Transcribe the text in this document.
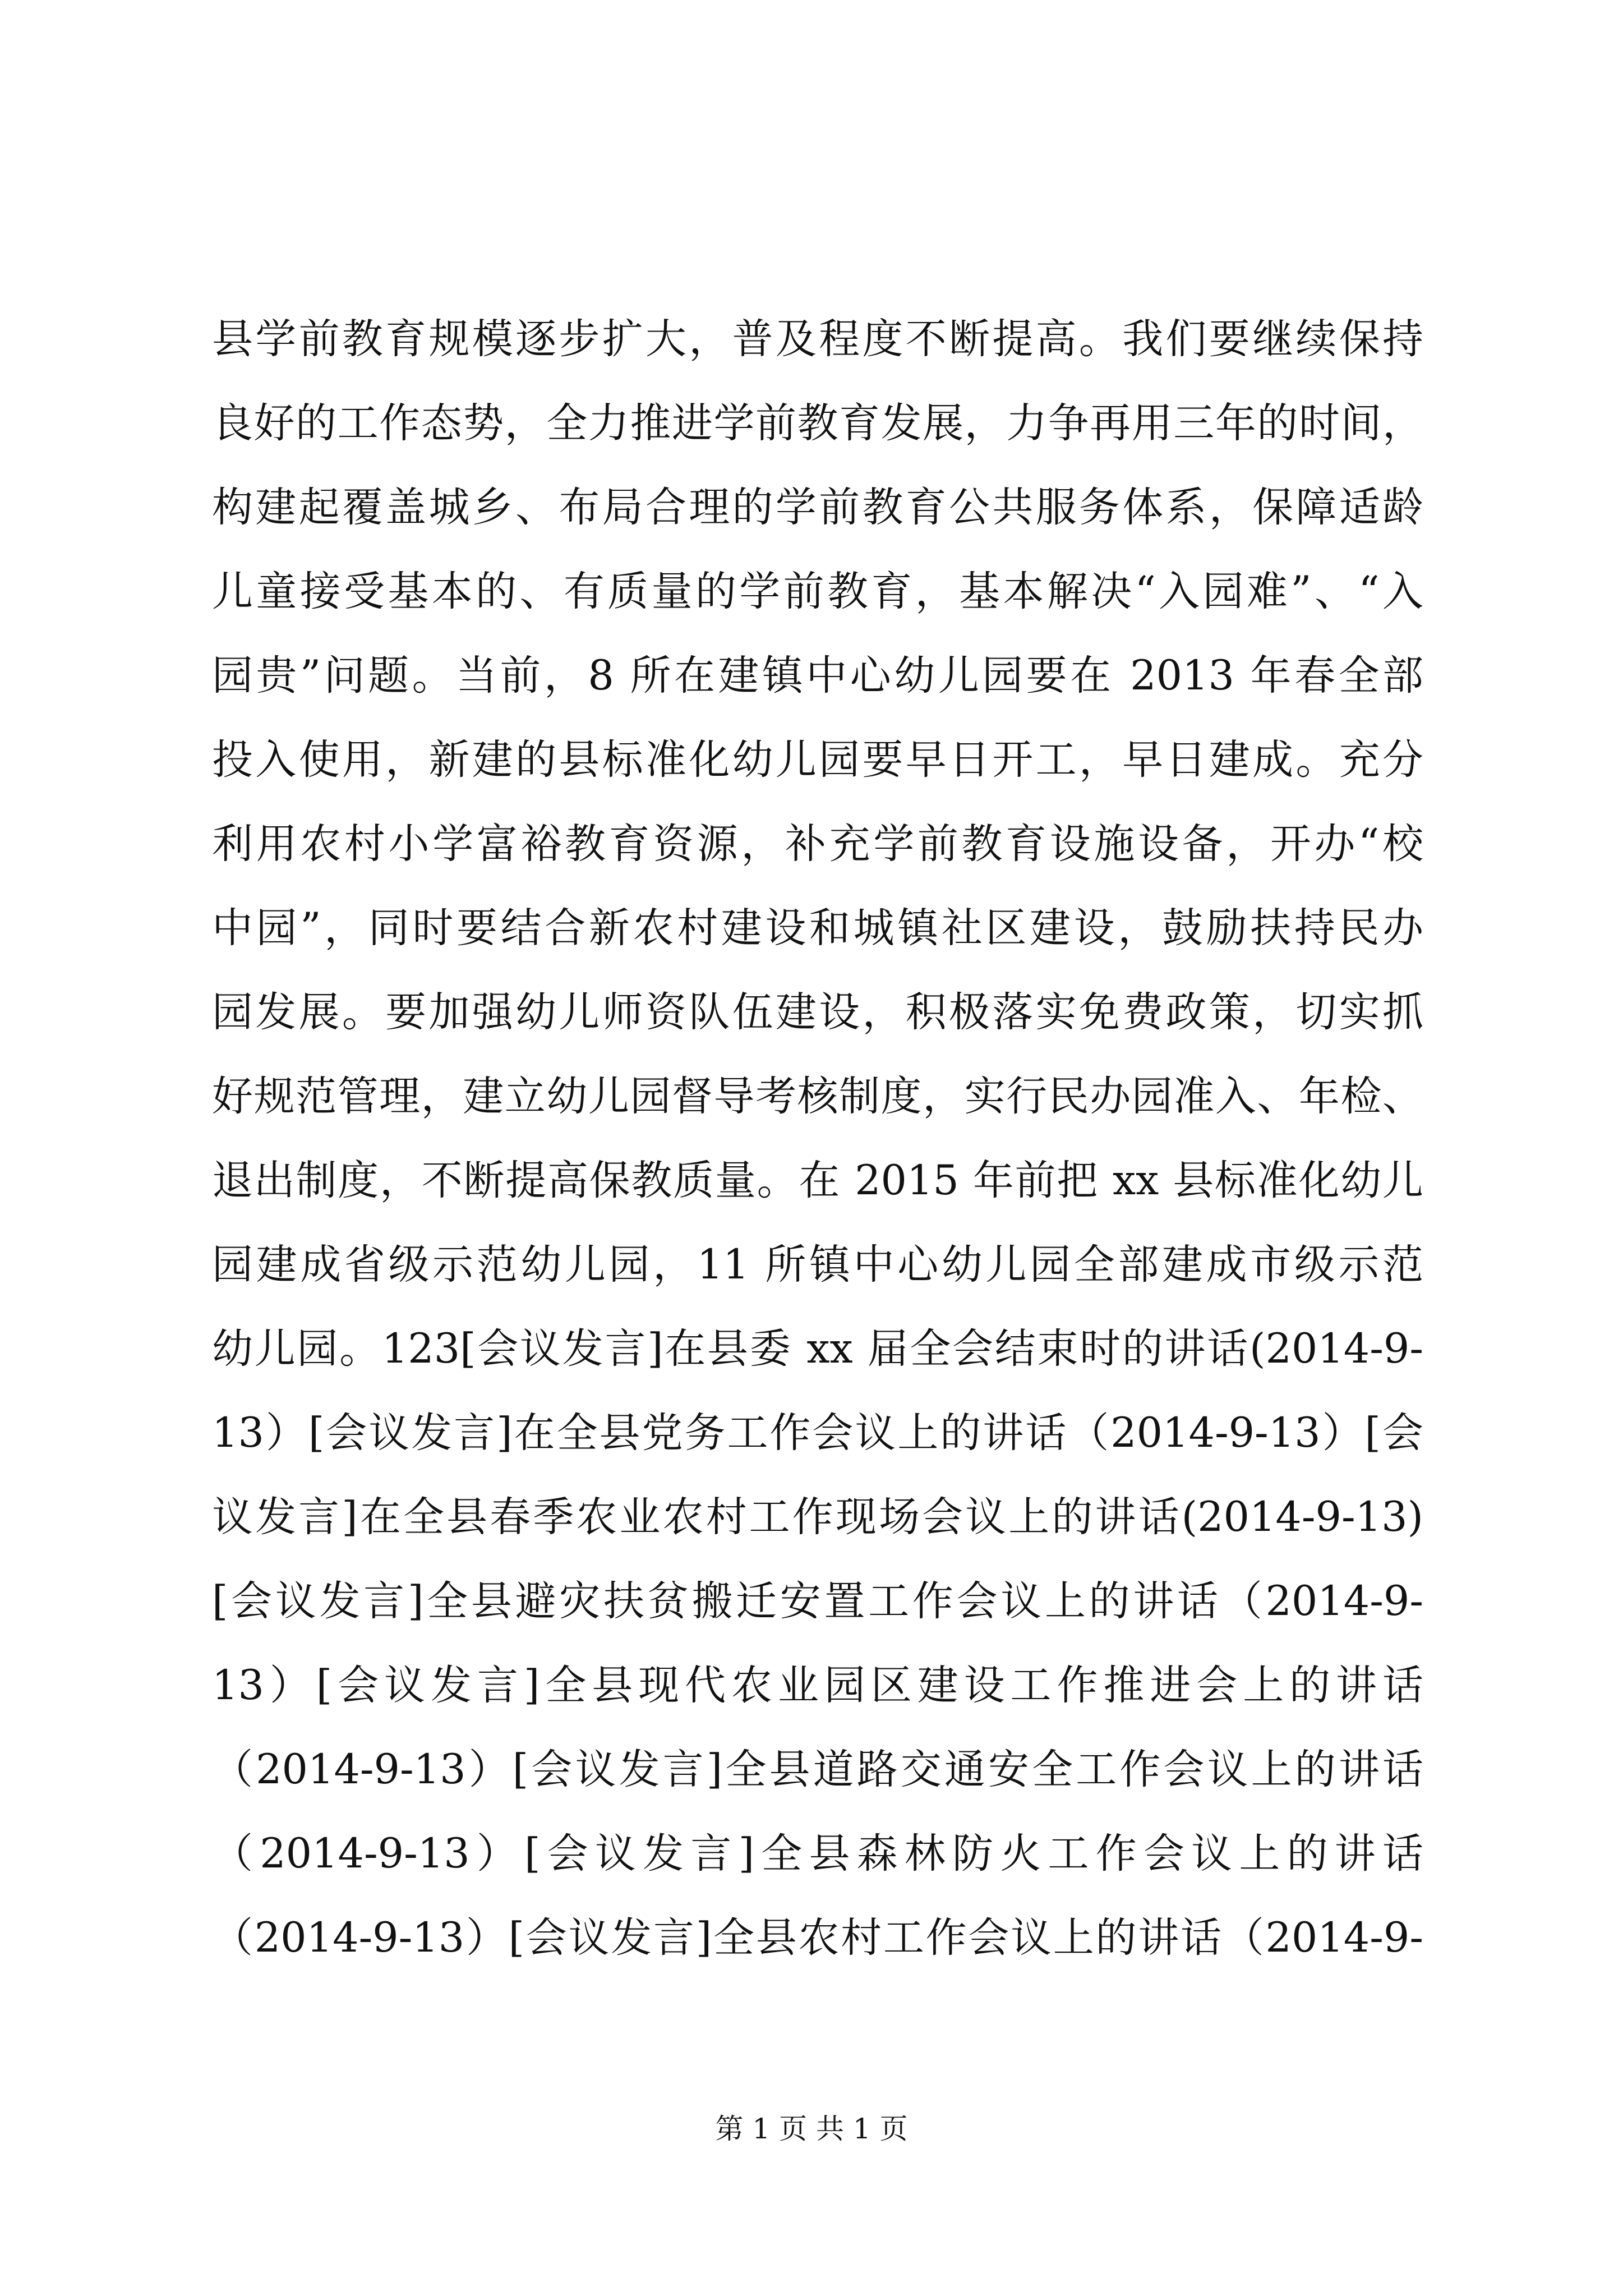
县学前教育规模逐步扩大，普及程度不断提高。我们要继续保持
良好的工作态势，全力推进学前教育发展，力争再用三年的时间，
构建起覆盖城乡、布局合理的学前教育公共服务体系，保障适龄
儿童接受基本的、有质量的学前教育，基本解决“入园难”、“入
园贵”问题。当前，8 所在建镇中心幼儿园要在 2013 年春全部
投入使用，新建的县标准化幼儿园要早日开工，早日建成。充分
利用农村小学富裕教育资源，补充学前教育设施设备，开办“校
中园”，同时要结合新农村建设和城镇社区建设，鼓励扶持民办
园发展。要加强幼儿师资队伍建设，积极落实免费政策，切实抓
好规范管理，建立幼儿园督导考核制度，实行民办园准入、年检、
退出制度，不断提高保教质量。在 2015 年前把 xx 县标准化幼儿
园建成省级示范幼儿园，11 所镇中心幼儿园全部建成市级示范
幼儿园。123[会议发言]在县委 xx 届全会结束时的讲话(2014-9-
13）[会议发言]在全县党务工作会议上的讲话（2014-9-13）[会
议发言]在全县春季农业农村工作现场会议上的讲话(2014-9-13)
[会议发言]全县避灾扶贫搬迁安置工作会议上的讲话（2014-9-
13）[会议发言]全县现代农业园区建设工作推进会上的讲话
（2014-9-13）[会议发言]全县道路交通安全工作会议上的讲话
（2014-9-13）[会议发言]全县森林防火工作会议上的讲话
（2014-9-13）[会议发言]全县农村工作会议上的讲话（2014-9-
第 1 页 共 1 页
